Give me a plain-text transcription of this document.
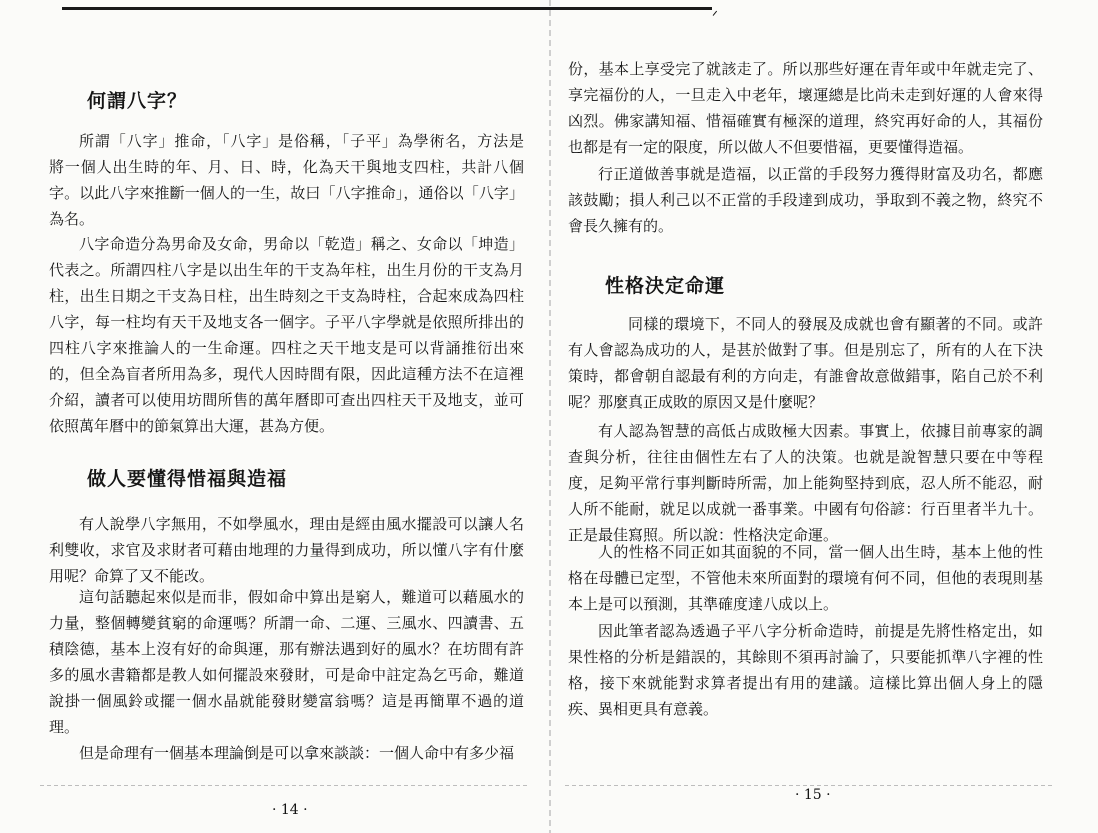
ᐟ
何謂八字？
做人要懂得惜福與造福
所謂「八字」推命，「八字」是俗稱，「子平」為學術名，方法是
將一個人出生時的年、月、日、時，化為天干與地支四柱，共計八個
字。以此八字來推斷一個人的一生，故曰「八字推命」，通俗以「八字」
為名。
八字命造分為男命及女命，男命以「乾造」稱之、女命以「坤造」
代表之。所謂四柱八字是以出生年的干支為年柱，出生月份的干支為月
柱，出生日期之干支為日柱，出生時刻之干支為時柱，合起來成為四柱
八字，每一柱均有天干及地支各一個字。子平八字學就是依照所排出的
四柱八字來推論人的一生命運。四柱之天干地支是可以背誦推衍出來
的，但全為盲者所用為多，現代人因時間有限，因此這種方法不在這裡
介紹，讀者可以使用坊間所售的萬年曆即可查出四柱天干及地支，並可
依照萬年曆中的節氣算出大運，甚為方便。
有人說學八字無用，不如學風水，理由是經由風水擺設可以讓人名
利雙收，求官及求財者可藉由地理的力量得到成功，所以懂八字有什麼
用呢？命算了又不能改。
這句話聽起來似是而非，假如命中算出是窮人，難道可以藉風水的
力量，整個轉變貧窮的命運嗎？所謂一命、二運、三風水、四讀書、五
積陰德，基本上沒有好的命與運，那有辦法遇到好的風水？在坊間有許
多的風水書籍都是教人如何擺設來發財，可是命中註定為乞丐命，難道
說掛一個風鈴或擺一個水晶就能發財變富翁嗎？這是再簡單不過的道
理。
但是命理有一個基本理論倒是可以拿來談談：一個人命中有多少福
· 14 ·
性格決定命運
份，基本上享受完了就該走了。所以那些好運在青年或中年就走完了、
享完福份的人，一旦走入中老年，壞運總是比尚未走到好運的人會來得
凶烈。佛家講知福、惜福確實有極深的道理，終究再好命的人，其福份
也都是有一定的限度，所以做人不但要惜福，更要懂得造福。
行正道做善事就是造福，以正當的手段努力獲得財富及功名，都應
該鼓勵；損人利己以不正當的手段達到成功，爭取到不義之物，終究不
會長久擁有的。
同樣的環境下，不同人的發展及成就也會有顯著的不同。或許
有人會認為成功的人，是甚於做對了事。但是別忘了，所有的人在下決
策時，都會朝自認最有利的方向走，有誰會故意做錯事，陷自己於不利
呢？那麼真正成敗的原因又是什麼呢？
有人認為智慧的高低占成敗極大因素。事實上，依據目前專家的調
查與分析，往往由個性左右了人的決策。也就是說智慧只要在中等程
度，足夠平常行事判斷時所需，加上能夠堅持到底，忍人所不能忍，耐
人所不能耐，就足以成就一番事業。中國有句俗諺：行百里者半九十。
正是最佳寫照。所以說：性格決定命運。
人的性格不同正如其面貌的不同，當一個人出生時，基本上他的性
格在母體已定型，不管他未來所面對的環境有何不同，但他的表現則基
本上是可以預測，其準確度達八成以上。
因此筆者認為透過子平八字分析命造時，前提是先將性格定出，如
果性格的分析是錯誤的，其餘則不須再討論了，只要能抓準八字裡的性
格，接下來就能對求算者提出有用的建議。這樣比算出個人身上的隱
疾、異相更具有意義。
· 15 ·
